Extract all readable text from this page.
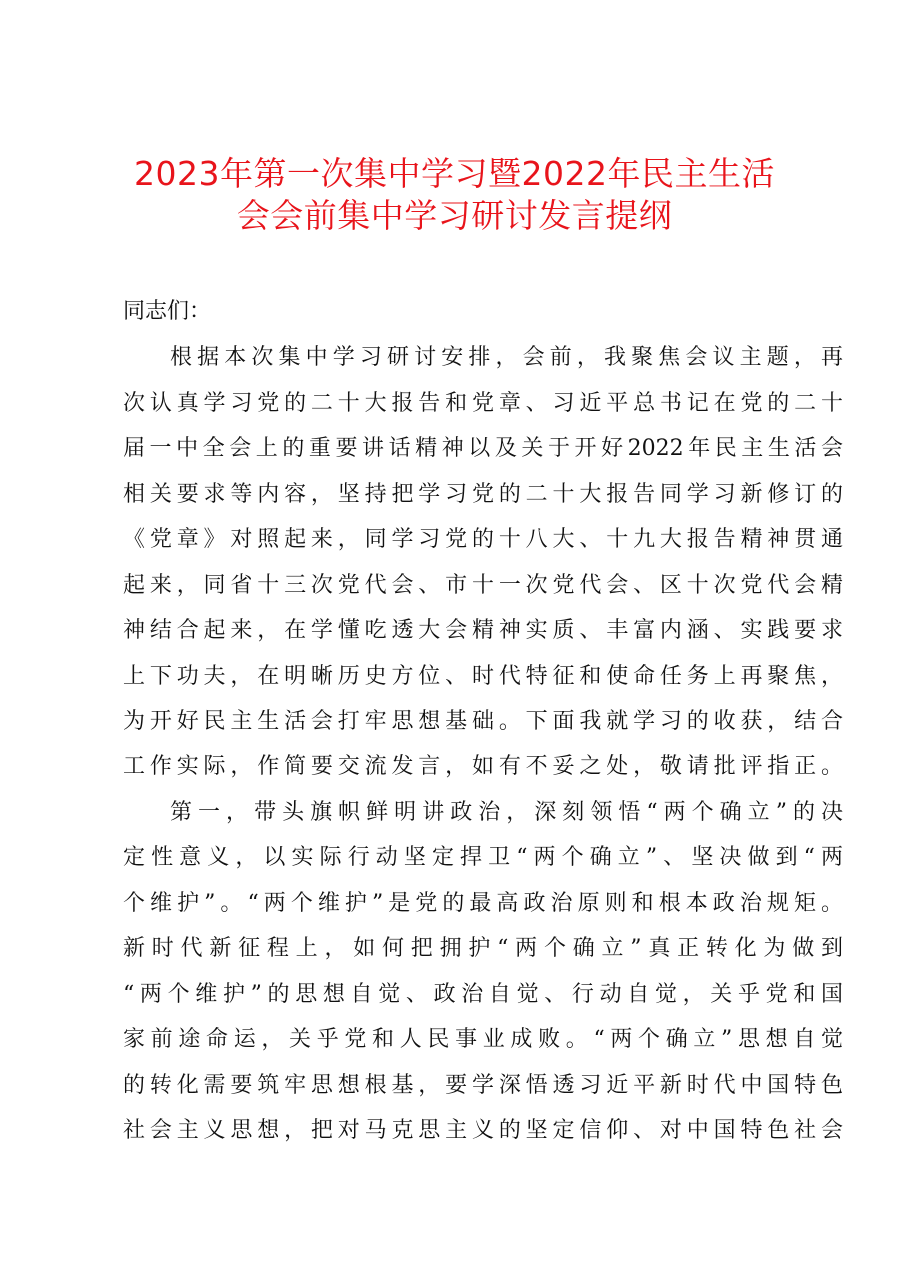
2023年第一次集中学习暨2022年民主生活
会会前集中学习研讨发言提纲
同志们：
根据本次集中学习研讨安排，会前，我聚焦会议主题，再
次认真学习党的二十大报告和党章、习近平总书记在党的二十
届一中全会上的重要讲话精神以及关于开好2022年民主生活会
相关要求等内容，坚持把学习党的二十大报告同学习新修订的
《党章》对照起来，同学习党的十八大、十九大报告精神贯通
起来，同省十三次党代会、市十一次党代会、区十次党代会精
神结合起来，在学懂吃透大会精神实质、丰富内涵、实践要求
上下功夫，在明晰历史方位、时代特征和使命任务上再聚焦，
为开好民主生活会打牢思想基础。下面我就学习的收获，结合
工作实际，作简要交流发言，如有不妥之处，敬请批评指正。
第一，带头旗帜鲜明讲政治，深刻领悟“两个确立”的决
定性意义，以实际行动坚定捍卫“两个确立”、坚决做到“两
个维护”。“两个维护”是党的最高政治原则和根本政治规矩。
新时代新征程上，如何把拥护“两个确立”真正转化为做到
“两个维护”的思想自觉、政治自觉、行动自觉，关乎党和国
家前途命运，关乎党和人民事业成败。“两个确立”思想自觉
的转化需要筑牢思想根基，要学深悟透习近平新时代中国特色
社会主义思想，把对马克思主义的坚定信仰、对中国特色社会
